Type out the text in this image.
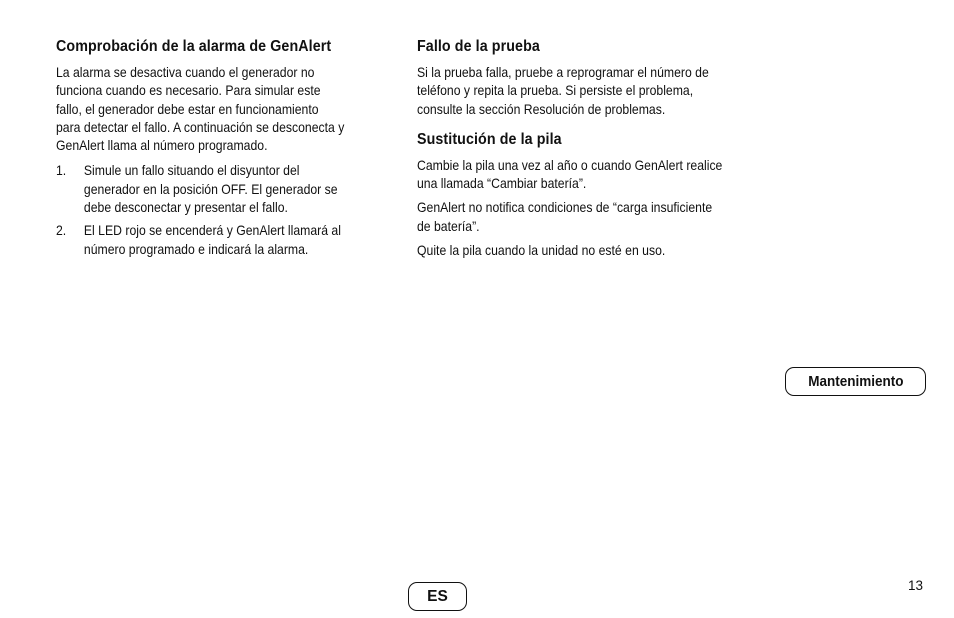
Comprobación de la alarma de GenAlert

La alarma se desactiva cuando el generador no
funciona cuando es necesario. Para simular este
fallo, el generador debe estar en funcionamiento
para detectar el fallo. A continuación se desconecta y
GenAlert llama al número programado.

1.	Simule un fallo situando el disyuntor del
generador en la posición OFF. El generador se
debe desconectar y presentar el fallo.
2.	El LED rojo se encenderá y GenAlert llamará al
número programado e indicará la alarma.
Fallo de la prueba

Si la prueba falla, pruebe a reprogramar el número de
teléfono y repita la prueba. Si persiste el problema,
consulte la sección Resolución de problemas.

Sustitución de la pila

Cambie la pila una vez al año o cuando GenAlert realice
una llamada “Cambiar batería”.

GenAlert no notifica condiciones de “carga insuficiente
de batería”.

Quite la pila cuando la unidad no esté en uso.

Mantenimiento
ES
13
